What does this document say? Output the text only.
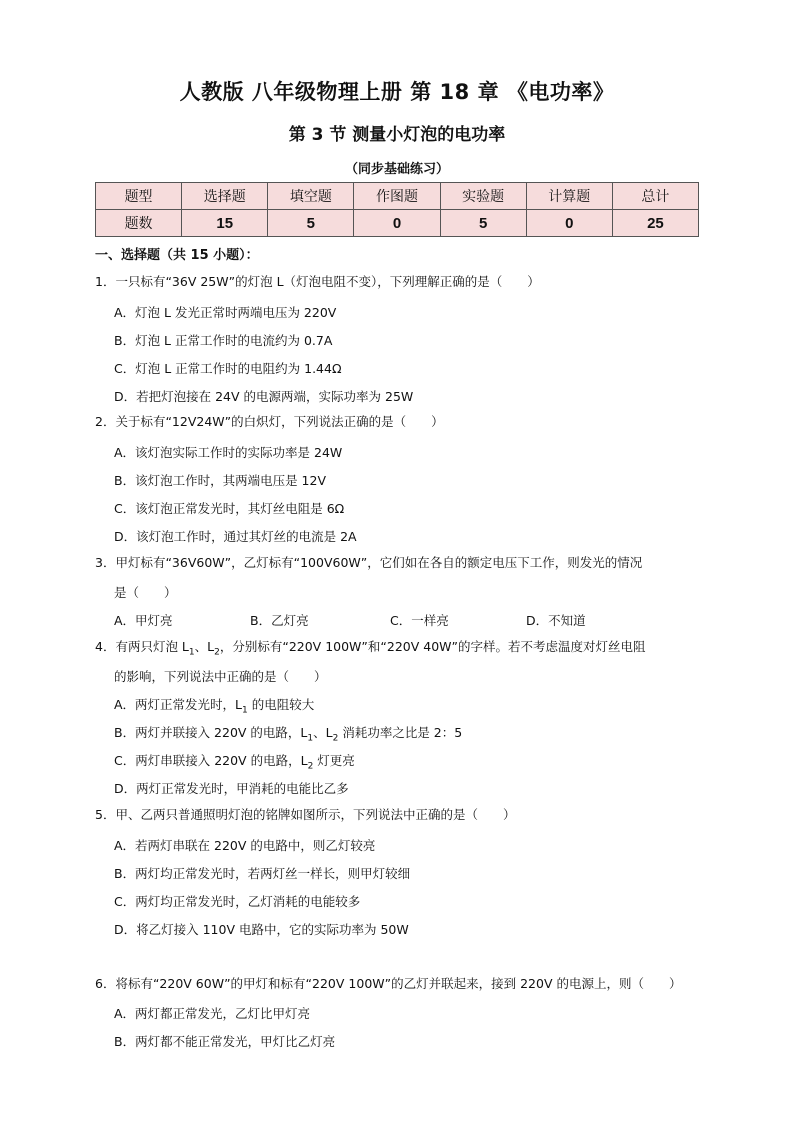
人教版 八年级物理上册 第 18 章 《电功率》
第 3 节 测量小灯泡的电功率
（同步基础练习）
题型	选择题	填空题	作图题	实验题	计算题	总计
题数	15	5	0	5	0	25
一、选择题（共 15 小题）：
1．一只标有“36V 25W”的灯泡 L（灯泡电阻不变），下列理解正确的是（　　）
A．灯泡 L 发光正常时两端电压为 220V
B．灯泡 L 正常工作时的电流约为 0.7A
C．灯泡 L 正常工作时的电阻约为 1.44Ω
D．若把灯泡接在 24V 的电源两端，实际功率为 25W
2．关于标有“12V24W”的白炽灯，下列说法正确的是（　　）
A．该灯泡实际工作时的实际功率是 24W
B．该灯泡工作时，其两端电压是 12V
C．该灯泡正常发光时，其灯丝电阻是 6Ω
D．该灯泡工作时，通过其灯丝的电流是 2A
3．甲灯标有“36V60W”，乙灯标有“100V60W”，它们如在各自的额定电压下工作，则发光的情况
是（　　）
A．甲灯亮	B．乙灯亮	C．一样亮	D．不知道
4．有两只灯泡 $L_1$、$L_2$，分别标有“220V 100W”和“220V 40W”的字样。若不考虑温度对灯丝电阻
的影响，下列说法中正确的是（　　）
A．两灯正常发光时，$L_1$ 的电阻较大
B．两灯并联接入 220V 的电路，$L_1$、$L_2$ 消耗功率之比是 2：5
C．两灯串联接入 220V 的电路，$L_2$ 灯更亮
D．两灯正常发光时，甲消耗的电能比乙多
5．甲、乙两只普通照明灯泡的铭牌如图所示，下列说法中正确的是（　　）
A．若两灯串联在 220V 的电路中，则乙灯较亮
B．两灯均正常发光时，若两灯丝一样长，则甲灯较细
C．两灯均正常发光时，乙灯消耗的电能较多
D．将乙灯接入 110V 电路中，它的实际功率为 50W
6．将标有“220V 60W”的甲灯和标有“220V 100W”的乙灯并联起来，接到 220V 的电源上，则（　　）
A．两灯都正常发光，乙灯比甲灯亮
B．两灯都不能正常发光，甲灯比乙灯亮
